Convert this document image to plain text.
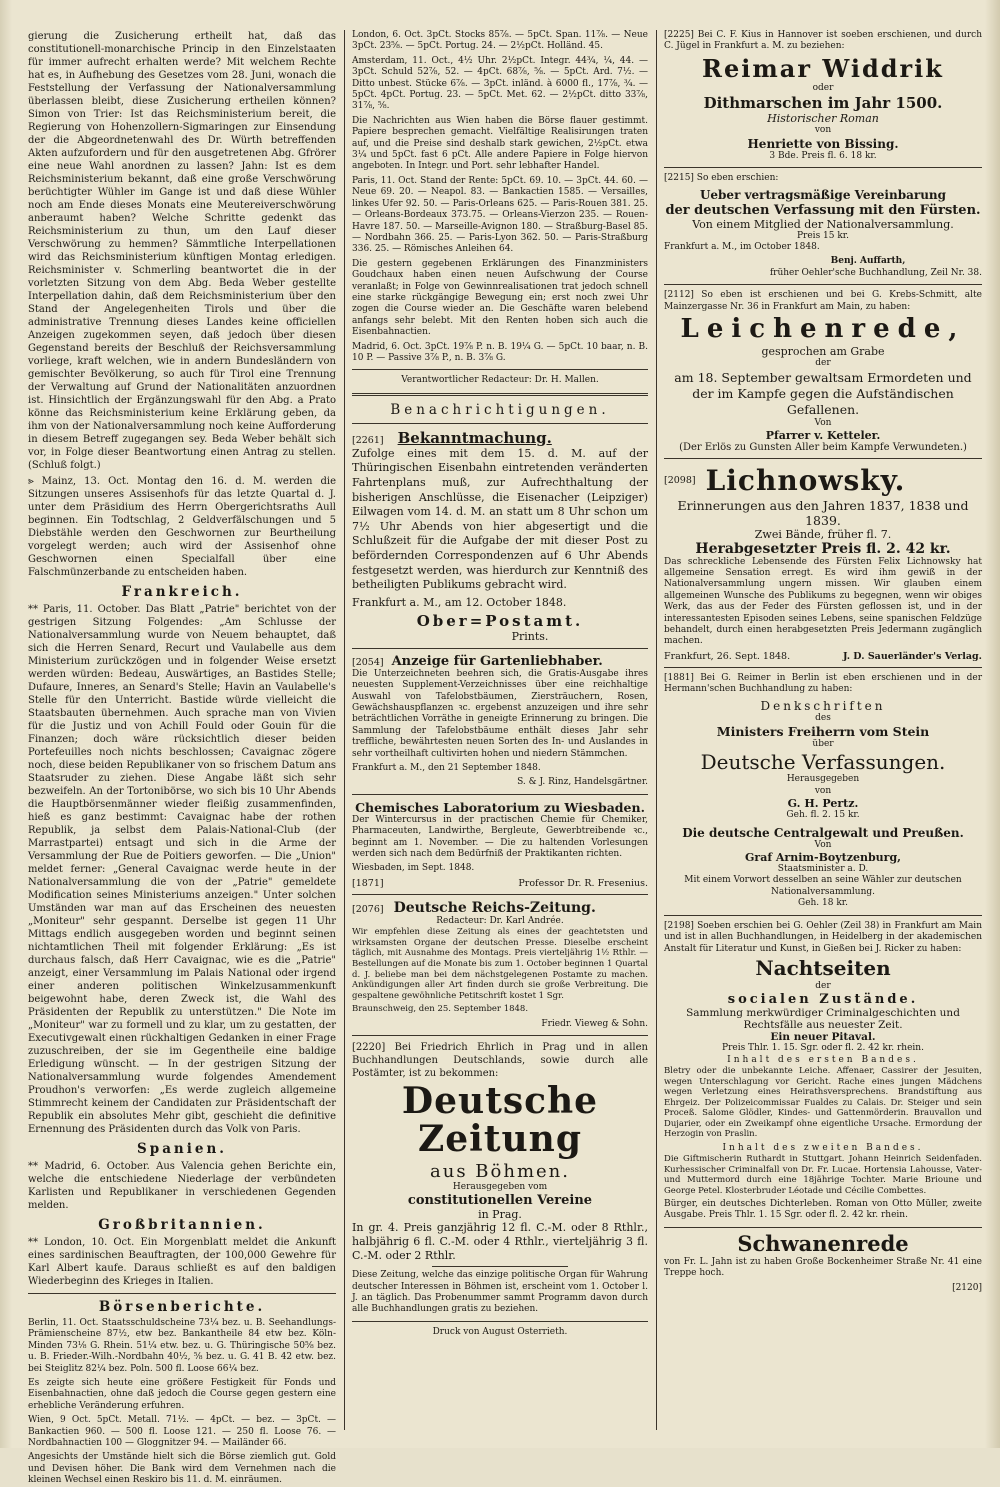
gierung die Zusicherung ertheilt hat, daß das constitutionell-monarchische Princip in den Einzelstaaten für immer aufrecht erhalten werde? Mit welchem Rechte hat es, in Aufhebung des Gesetzes vom 28. Juni, wonach die Feststellung der Verfassung der Nationalversammlung überlassen bleibt, diese Zusicherung ertheilen können? Simon von Trier: Ist das Reichsministerium bereit, die Regierung von Hohenzollern-Sigmaringen zur Einsendung der die Abgeordnetenwahl des Dr. Würth betreffenden Akten aufzufordern und für den ausgetretenen Abg. Gfrörer eine neue Wahl anordnen zu lassen? Jahn: Ist es dem Reichsministerium bekannt, daß eine große Verschwörung berüchtigter Wühler im Gange ist und daß diese Wühler noch am Ende dieses Monats eine Meutereiverschwörung anberaumt haben? Welche Schritte gedenkt das Reichsministerium zu thun, um den Lauf dieser Verschwörung zu hemmen? Sämmtliche Interpellationen wird das Reichsministerium künftigen Montag erledigen. Reichsminister v. Schmerling beantwortet die in der vorletzten Sitzung von dem Abg. Beda Weber gestellte Interpellation dahin, daß dem Reichsministerium über den Stand der Angelegenheiten Tirols und über die administrative Trennung dieses Landes keine officiellen Anzeigen zugekommen seyen, daß jedoch über diesen Gegenstand bereits der Beschluß der Reichsversammlung vorliege, kraft welchen, wie in andern Bundesländern von gemischter Bevölkerung, so auch für Tirol eine Trennung der Verwaltung auf Grund der Nationalitäten anzuordnen ist. Hinsichtlich der Ergänzungswahl für den Abg. a Prato könne das Reichsministerium keine Erklärung geben, da ihm von der Nationalversammlung noch keine Aufforderung in diesem Betreff zugegangen sey. Beda Weber behält sich vor, in Folge dieser Beantwortung einen Antrag zu stellen. (Schluß folgt.)

⪢ Mainz, 13. Oct. Montag den 16. d. M. werden die Sitzungen unseres Assisenhofs für das letzte Quartal d. J. unter dem Präsidium des Herrn Obergerichtsraths Aull beginnen. Ein Todtschlag, 2 Geldverfälschungen und 5 Diebstähle werden den Geschwornen zur Beurtheilung vorgelegt werden; auch wird der Assisenhof ohne Geschwornen einen Specialfall über eine Falschmünzerbande zu entscheiden haben.

Frankreich.

** Paris, 11. October. Das Blatt „Patrie" berichtet von der gestrigen Sitzung Folgendes: „Am Schlusse der Nationalversammlung wurde von Neuem behauptet, daß sich die Herren Senard, Recurt und Vaulabelle aus dem Ministerium zurückzögen und in folgender Weise ersetzt werden würden: Bedeau, Auswärtiges, an Bastides Stelle; Dufaure, Inneres, an Senard's Stelle; Havin an Vaulabelle's Stelle für den Unterricht. Bastide würde vielleicht die Staatsbauten übernehmen. Auch sprache man von Vivien für die Justiz und von Achill Fould oder Gouin für die Finanzen; doch wäre rücksichtlich dieser beiden Portefeuilles noch nichts beschlossen; Cavaignac zögere noch, diese beiden Republikaner von so frischem Datum ans Staatsruder zu ziehen. Diese Angabe läßt sich sehr bezweifeln. An der Tortonibörse, wo sich bis 10 Uhr Abends die Hauptbörsenmänner wieder fleißig zusammenfinden, hieß es ganz bestimmt: Cavaignac habe der rothen Republik, ja selbst dem Palais-National-Club (der Marrastpartei) entsagt und sich in die Arme der Versammlung der Rue de Poitiers geworfen. — Die „Union" meldet ferner: „General Cavaignac werde heute in der Nationalversammlung die von der „Patrie" gemeldete Modification seines Ministeriums anzeigen." Unter solchen Umständen war man auf das Erscheinen des neuesten „Moniteur" sehr gespannt. Derselbe ist gegen 11 Uhr Mittags endlich ausgegeben worden und beginnt seinen nichtamtlichen Theil mit folgender Erklärung: „Es ist durchaus falsch, daß Herr Cavaignac, wie es die „Patrie" anzeigt, einer Versammlung im Palais National oder irgend einer anderen politischen Winkelzusammenkunft beigewohnt habe, deren Zweck ist, die Wahl des Präsidenten der Republik zu unterstützen." Die Note im „Moniteur" war zu formell und zu klar, um zu gestatten, der Executivgewalt einen rückhaltigen Gedanken in einer Frage zuzuschreiben, der sie im Gegentheile eine baldige Erledigung wünscht. — In der gestrigen Sitzung der Nationalversammlung wurde folgendes Amendement Proudhon's verworfen: „Es werde zugleich allgemeine Stimmrecht keinem der Candidaten zur Präsidentschaft der Republik ein absolutes Mehr gibt, geschieht die definitive Ernennung des Präsidenten durch das Volk von Paris.

Spanien.

** Madrid, 6. October. Aus Valencia gehen Berichte ein, welche die entschiedene Niederlage der verbündeten Karlisten und Republikaner in verschiedenen Gegenden melden.

Großbritannien.

** London, 10. Oct. Ein Morgenblatt meldet die Ankunft eines sardinischen Beauftragten, der 100,000 Gewehre für Karl Albert kaufe. Daraus schließt es auf den baldigen Wiederbeginn des Krieges in Italien.

Börsenberichte.

Berlin, 11. Oct. Staatsschuldscheine 73¼ bez. u. B. Seehandlungs-Prämienscheine 87½, etw bez. Bankantheile 84 etw bez. Köln-Minden 73⅛ G. Rhein. 51¼ etw. bez. u. G. Thüringische 50⅝ bez. u. B. Frieder.-Wilh.-Nordbahn 40½, ⅝ bez. u. G. 41 B. 42 etw. bez. bei Steiglitz 82¼ bez. Poln. 500 fl. Loose 66¼ bez.

Es zeigte sich heute eine größere Festigkeit für Fonds und Eisenbahnactien, ohne daß jedoch die Course gegen gestern eine erhebliche Veränderung erfuhren.

Wien, 9 Oct. 5pCt. Metall. 71½. — 4pCt. — bez. — 3pCt. — Bankactien 960. — 500 fl. Loose 121. — 250 fl. Loose 76. — Nordbahnactien 100 — Gloggnitzer 94. — Mailänder 66.

Angesichts der Umstände hielt sich die Börse ziemlich gut. Gold und Devisen höher. Die Bank wird dem Vernehmen nach die kleinen Wechsel einen Reskiro bis 11. d. M. einräumen.

London, 6. Oct. 3pCt. Stocks 85⅞. — 5pCt. Span. 11⅞. — Neue 3pCt. 23⅝. — 5pCt. Portug. 24. — 2½pCt. Holländ. 45.

Amsterdam, 11. Oct., 4½ Uhr. 2½pCt. Integr. 44¾, ¼, 44. — 3pCt. Schuld 52⅞, 52. — 4pCt. 68⅞, ⅝. — 5pCt. Ard. 7½. — Ditto unbest. Stücke 6⅞. — 3pCt. inländ. à 6000 fl., 17⅞, ¾. — 5pCt. 4pCt. Portug. 23. — 5pCt. Met. 62. — 2½pCt. ditto 33⅞, 31⅞, ⅝.

Die Nachrichten aus Wien haben die Börse flauer gestimmt. Papiere besprechen gemacht. Vielfältige Realisirungen traten auf, und die Preise sind deshalb stark gewichen, 2½pCt. etwa 3¼ und 5pCt. fast 6 pCt. Alle andere Papiere in Folge hiervon angeboten. In Integr. und Port. sehr lebhafter Handel.

Paris, 11. Oct. Stand der Rente: 5pCt. 69. 10. — 3pCt. 44. 60. — Neue 69. 20. — Neapol. 83. — Bankactien 1585. — Versailles, linkes Ufer 92. 50. — Paris-Orleans 625. — Paris-Rouen 381. 25. — Orleans-Bordeaux 373.75. — Orleans-Vierzon 235. — Rouen-Havre 187. 50. — Marseille-Avignon 180. — Straßburg-Basel 85. — Nordbahn 366. 25. — Paris-Lyon 362. 50. — Paris-Straßburg 336. 25. — Römisches Anleihen 64.

Die gestern gegebenen Erklärungen des Finanzministers Goudchaux haben einen neuen Aufschwung der Course veranlaßt; in Folge von Gewinnrealisationen trat jedoch schnell eine starke rückgängige Bewegung ein; erst noch zwei Uhr zogen die Course wieder an. Die Geschäfte waren belebend anfangs sehr belebt. Mit den Renten hoben sich auch die Eisenbahnactien.

Madrid, 6. Oct. 3pCt. 19⅞ P. n. B. 19¼ G. — 5pCt. 10 baar, n. B. 10 P. — Passive 3⅞ P., n. B. 3⅞ G.

Verantwortlicher Redacteur: Dr. H. Mallen.

Benachrichtigungen.
[2261] Bekanntmachung.

Zufolge eines mit dem 15. d. M. auf der Thüringischen Eisenbahn eintretenden veränderten Fahrtenplans muß, zur Aufrechthaltung der bisherigen Anschlüsse, die Eisenacher (Leipziger) Eilwagen vom 14. d. M. an statt um 8 Uhr schon um 7½ Uhr Abends von hier abgesertigt und die Schlußzeit für die Aufgabe der mit dieser Post zu befördernden Correspondenzen auf 6 Uhr Abends festgesetzt werden, was hierdurch zur Kenntniß des betheiligten Publikums gebracht wird.

Frankfurt a. M., am 12. October 1848.

Ober=Postamt.
Prints.
[2054] Anzeige für Gartenliebhaber.

Die Unterzeichneten beehren sich, die Gratis-Ausgabe ihres neuesten Supplement-Verzeichnisses über eine reichhaltige Auswahl von Tafelobstbäumen, Ziersträuchern, Rosen, Gewächshauspflanzen ꝛc. ergebenst anzuzeigen und ihre sehr beträchtlichen Vorräthe in geneigte Erinnerung zu bringen. Die Sammlung der Tafelobstbäume enthält dieses Jahr sehr treffliche, bewährtesten neuen Sorten des In- und Auslandes in sehr vortheilhaft cultivirten hohen und niedern Stämmchen.

Frankfurt a. M., den 21 September 1848.

S. & J. Rinz, Handelsgärtner.

Chemisches Laboratorium zu Wiesbaden.

Der Wintercursus in der practischen Chemie für Chemiker, Pharmaceuten, Landwirthe, Bergleute, Gewerbtreibende ꝛc., beginnt am 1. November. — Die zu haltenden Vorlesungen werden sich nach dem Bedürfniß der Praktikanten richten.

Wiesbaden, im Sept. 1848.

[1871]	Professor Dr. R. Fresenius.
[2076] Deutsche Reichs-Zeitung.
Redacteur: Dr. Karl Andrée.

Wir empfehlen diese Zeitung als eines der geachtetsten und wirksamsten Organe der deutschen Presse. Dieselbe erscheint täglich, mit Ausnahme des Montags. Preis vierteljährig 1½ Rthlr. — Bestellungen auf die Monate bis zum 1. October beginnen 1 Quartal d. J. beliebe man bei dem nächstgelegenen Postamte zu machen. Ankündigungen aller Art finden durch sie große Verbreitung. Die gespaltene gewöhnliche Petitschrift kostet 1 Sgr.

Braunschweig, den 25. September 1848.

Friedr. Vieweg & Sohn.

[2220] Bei Friedrich Ehrlich in Prag und in allen Buchhandlungen Deutschlands, sowie durch alle Postämter, ist zu bekommen:

Deutsche Zeitung
aus Böhmen.
Herausgegeben vom
constitutionellen Vereine
in Prag.

In gr. 4. Preis ganzjährig 12 fl. C.-M. oder 8 Rthlr., halbjährig 6 fl. C.-M. oder 4 Rthlr., vierteljährig 3 fl. C.-M. oder 2 Rthlr.

Diese Zeitung, welche das einzige politische Organ für Wahrung deutscher Interessen in Böhmen ist, erscheint vom 1. October l. J. an täglich. Das Probenummer sammt Programm davon durch alle Buchhandlungen gratis zu beziehen.

Druck von August Osterrieth.

[2225] Bei C. F. Kius in Hannover ist soeben erschienen, und durch C. Jügel in Frankfurt a. M. zu beziehen:

Reimar Widdrik
oder
Dithmarschen im Jahr 1500.
Historischer Roman
von
Henriette von Bissing.
3 Bde. Preis fl. 6. 18 kr.

[2215] So eben erschien:

Ueber vertragsmäßige Vereinbarung
der deutschen Verfassung mit den Fürsten.
Von einem Mitglied der Nationalversammlung.
Preis 15 kr.

Frankfurt a. M., im October 1848.

Benj. Auffarth,
früher Oehler'sche Buchhandlung, Zeil Nr. 38.

[2112] So eben ist erschienen und bei G. Krebs-Schmitt, alte Mainzergasse Nr. 36 in Frankfurt am Main, zu haben:

Leichenrede,
gesprochen am Grabe
der
am 18. September gewaltsam Ermordeten und der im Kampfe gegen die Aufständischen Gefallenen.
Von
Pfarrer v. Ketteler.
(Der Erlös zu Gunsten Aller beim Kampfe Verwundeten.)
[2098] Lichnowsky.
Erinnerungen aus den Jahren 1837, 1838 und 1839.
Zwei Bände, früher fl. 7.
Herabgesetzter Preis fl. 2. 42 kr.

Das schreckliche Lebensende des Fürsten Felix Lichnowsky hat allgemeine Sensation erregt. Es wird ihm gewiß in der Nationalversammlung ungern missen. Wir glauben einem allgemeinen Wunsche des Publikums zu begegnen, wenn wir obiges Werk, das aus der Feder des Fürsten geflossen ist, und in der interessantesten Episoden seines Lebens, seine spanischen Feldzüge behandelt, durch einen herabgesetzten Preis Jedermann zugänglich machen.

Frankfurt, 26. Sept. 1848.	J. D. Sauerländer's Verlag.

[1881] Bei G. Reimer in Berlin ist eben erschienen und in der Hermann'schen Buchhandlung zu haben:

Denkschriften
des
Ministers Freiherrn vom Stein
über
Deutsche Verfassungen.
Herausgegeben
von
G. H. Pertz.
Geh. fl. 2. 15 kr.
Die deutsche Centralgewalt und Preußen.
Von
Graf Arnim-Boytzenburg,
Staatsminister a. D.
Mit einem Vorwort desselben an seine Wähler zur deutschen Nationalversammlung.
Geh. 18 kr.

[2198] Soeben erschien bei G. Oehler (Zeil 38) in Frankfurt am Main und ist in allen Buchhandlungen, in Heidelberg in der akademischen Anstalt für Literatur und Kunst, in Gießen bei J. Ricker zu haben:

Nachtseiten
der
socialen Zustände.
Sammlung merkwürdiger Criminalgeschichten und Rechtsfälle aus neuester Zeit.
Ein neuer Pitaval.
Preis Thlr. 1. 15. Sgr. oder fl. 2. 42 kr. rhein.
Inhalt des ersten Bandes.

Bletry oder die unbekannte Leiche. Affenaer, Cassirer der Jesuiten, wegen Unterschlagung vor Gericht. Rache eines jungen Mädchens wegen Verletzung eines Heirathsversprechens. Brandstiftung aus Ehrgeiz. Der Polizeicommissar Fualdes zu Calais. Dr. Steiger und sein Proceß. Salome Glödler, Kindes- und Gattenmörderin. Brauvallon und Dujarier, oder ein Zweikampf ohne eigentliche Ursache. Ermordung der Herzogin von Praslin.

Inhalt des zweiten Bandes.

Die Giftmischerin Ruthardt in Stuttgart. Johann Heinrich Seidenfaden. Kurhessischer Criminalfall von Dr. Fr. Lucae. Hortensia Lahousse, Vater- und Muttermord durch eine 18jährige Tochter. Marie Brioune und George Petel. Klosterbruder Léotade und Cécilie Combettes.

Bürger, ein deutsches Dichterleben. Roman von Otto Müller, zweite Ausgabe. Preis Thlr. 1. 15 Sgr. oder fl. 2. 42 kr. rhein.

Schwanenrede

von Fr. L. Jahn ist zu haben Große Bockenheimer Straße Nr. 41 eine Treppe hoch.

[2120]
